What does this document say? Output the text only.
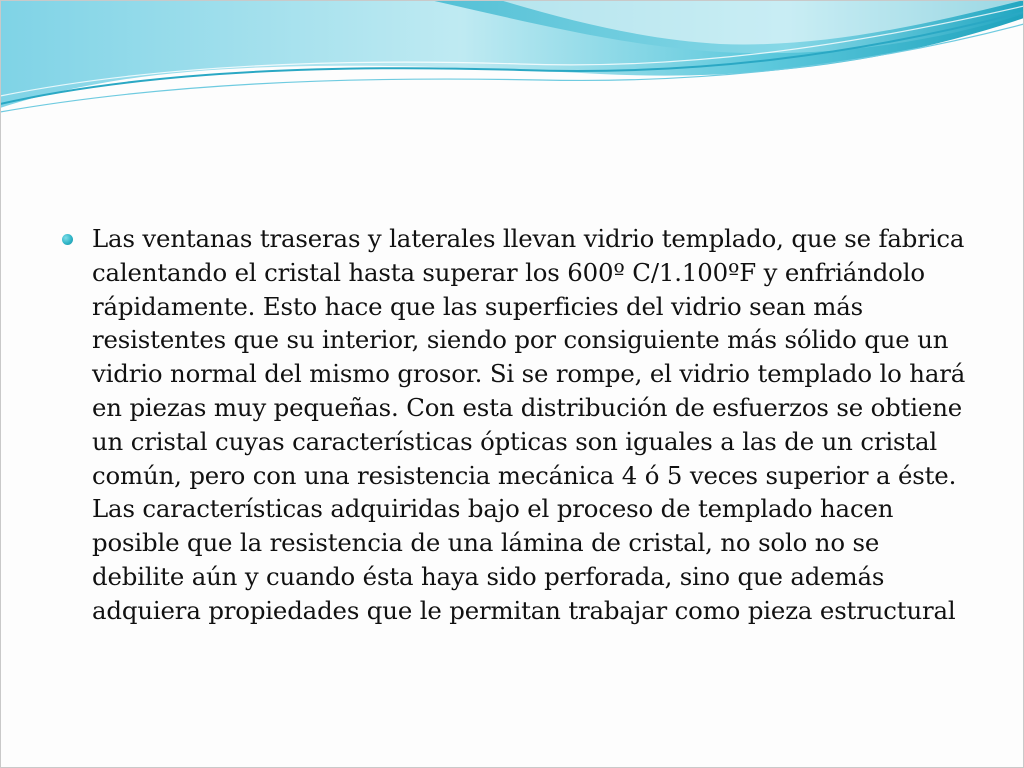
Las ventanas traseras y laterales llevan vidrio templado, que se fabrica calentando el cristal hasta superar los 600º C/1.100ºF y enfriándolo rápidamente. Esto hace que las superficies del vidrio sean más resistentes que su interior, siendo por consiguiente más sólido que un vidrio normal del mismo grosor. Si se rompe, el vidrio templado lo hará en piezas muy pequeñas. Con esta distribución de esfuerzos se obtiene un cristal cuyas características ópticas son iguales a las de un cristal común, pero con una resistencia mecánica 4 ó 5 veces superior a éste. Las características adquiridas bajo el proceso de templado hacen posible que la resistencia de una lámina de cristal, no solo no se debilite aún y cuando ésta haya sido perforada, sino que además adquiera propiedades que le permitan trabajar como pieza estructural
